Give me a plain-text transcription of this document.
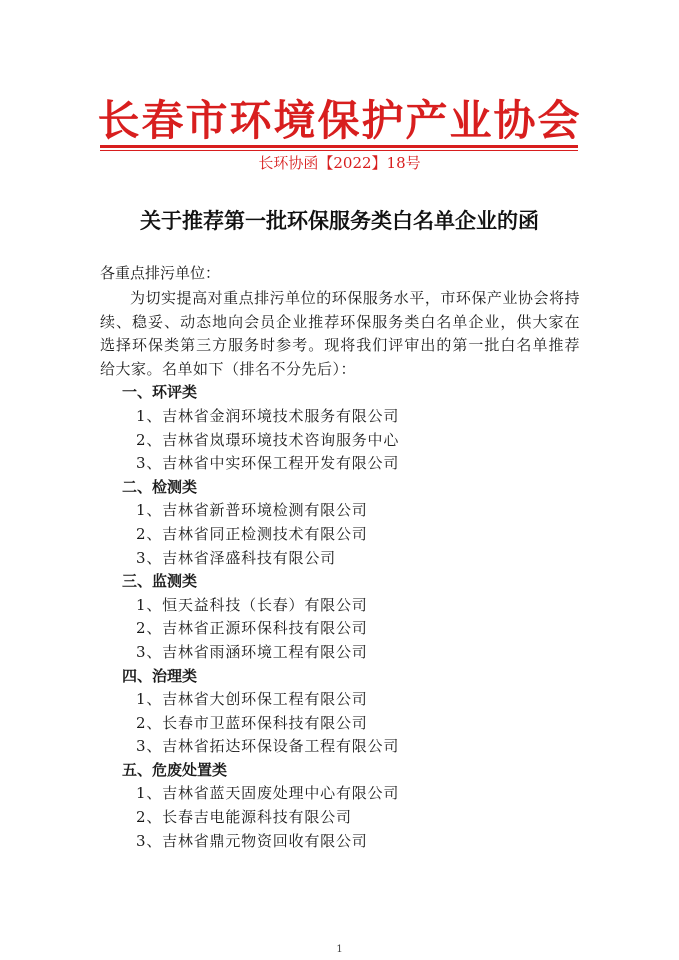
长春市环境保护产业协会
长环协函【2022】18号
关于推荐第一批环保服务类白名单企业的函
各重点排污单位：

为切实提高对重点排污单位的环保服务水平，市环保产业协会将持续、稳妥、动态地向会员企业推荐环保服务类白名单企业，供大家在选择环保类第三方服务时参考。现将我们评审出的第一批白名单推荐给大家。名单如下（排名不分先后）：

一、环评类
1、吉林省金润环境技术服务有限公司
2、吉林省岚璟环境技术咨询服务中心
3、吉林省中实环保工程开发有限公司
二、检测类
1、吉林省新普环境检测有限公司
2、吉林省同正检测技术有限公司
3、吉林省泽盛科技有限公司
三、监测类
1、恒天益科技（长春）有限公司
2、吉林省正源环保科技有限公司
3、吉林省雨涵环境工程有限公司
四、治理类
1、吉林省大创环保工程有限公司
2、长春市卫蓝环保科技有限公司
3、吉林省拓达环保设备工程有限公司
五、危废处置类
1、吉林省蓝天固废处理中心有限公司
2、长春吉电能源科技有限公司
3、吉林省鼎元物资回收有限公司
1
